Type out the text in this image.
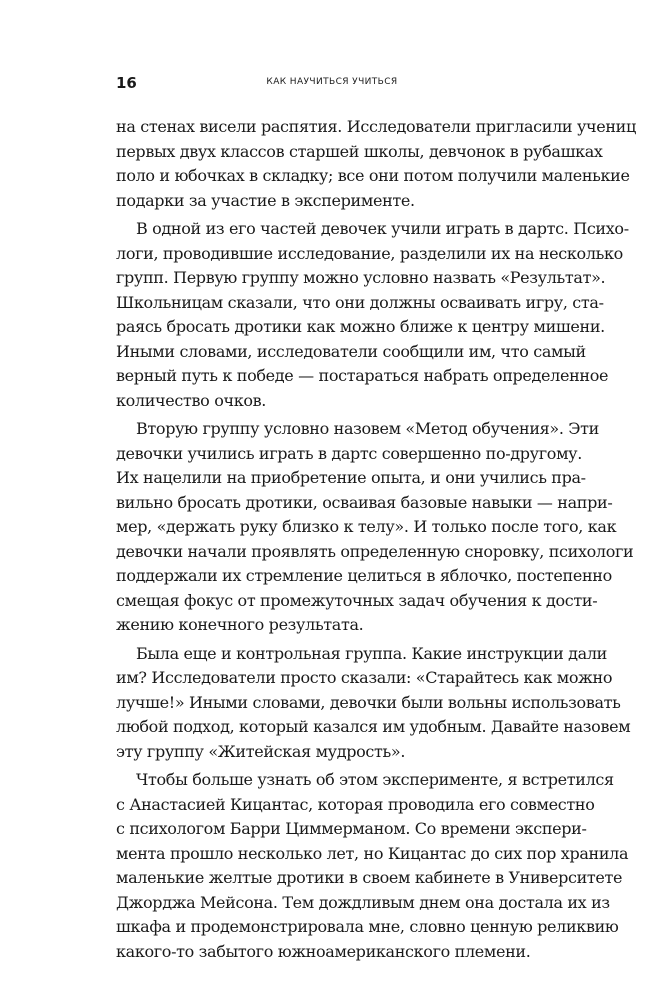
16	КАК НАУЧИТЬСЯ УЧИТЬСЯ
на стенах висели распятия. Исследователи пригласили учениц
первых двух классов старшей школы, девчонок в рубашках
поло и юбочках в складку; все они потом получили маленькие
подарки за участие в эксперименте.
В одной из его частей девочек учили играть в дартс. Психо-
логи, проводившие исследование, разделили их на несколько
групп. Первую группу можно условно назвать «Результат».
Школьницам сказали, что они должны осваивать игру, ста-
раясь бросать дротики как можно ближе к центру мишени.
Иными словами, исследователи сообщили им, что самый
верный путь к победе — постараться набрать определенное
количество очков.
Вторую группу условно назовем «Метод обучения». Эти
девочки учились играть в дартс совершенно по-другому.
Их нацелили на приобретение опыта, и они учились пра-
вильно бросать дротики, осваивая базовые навыки — напри-
мер, «держать руку близко к телу». И только после того, как
девочки начали проявлять определенную сноровку, психологи
поддержали их стремление целиться в яблочко, постепенно
смещая фокус от промежуточных задач обучения к дости-
жению конечного результата.
Была еще и контрольная группа. Какие инструкции дали
им? Исследователи просто сказали: «Старайтесь как можно
лучше!» Иными словами, девочки были вольны использовать
любой подход, который казался им удобным. Давайте назовем
эту группу «Житейская мудрость».
Чтобы больше узнать об этом эксперименте, я встретился
с Анастасией Кицантас, которая проводила его совместно
с психологом Барри Циммерманом. Со времени экспери-
мента прошло несколько лет, но Кицантас до сих пор хранила
маленькие желтые дротики в своем кабинете в Университете
Джорджа Мейсона. Тем дождливым днем она достала их из
шкафа и продемонстрировала мне, словно ценную реликвию
какого-то забытого южноамериканского племени.
